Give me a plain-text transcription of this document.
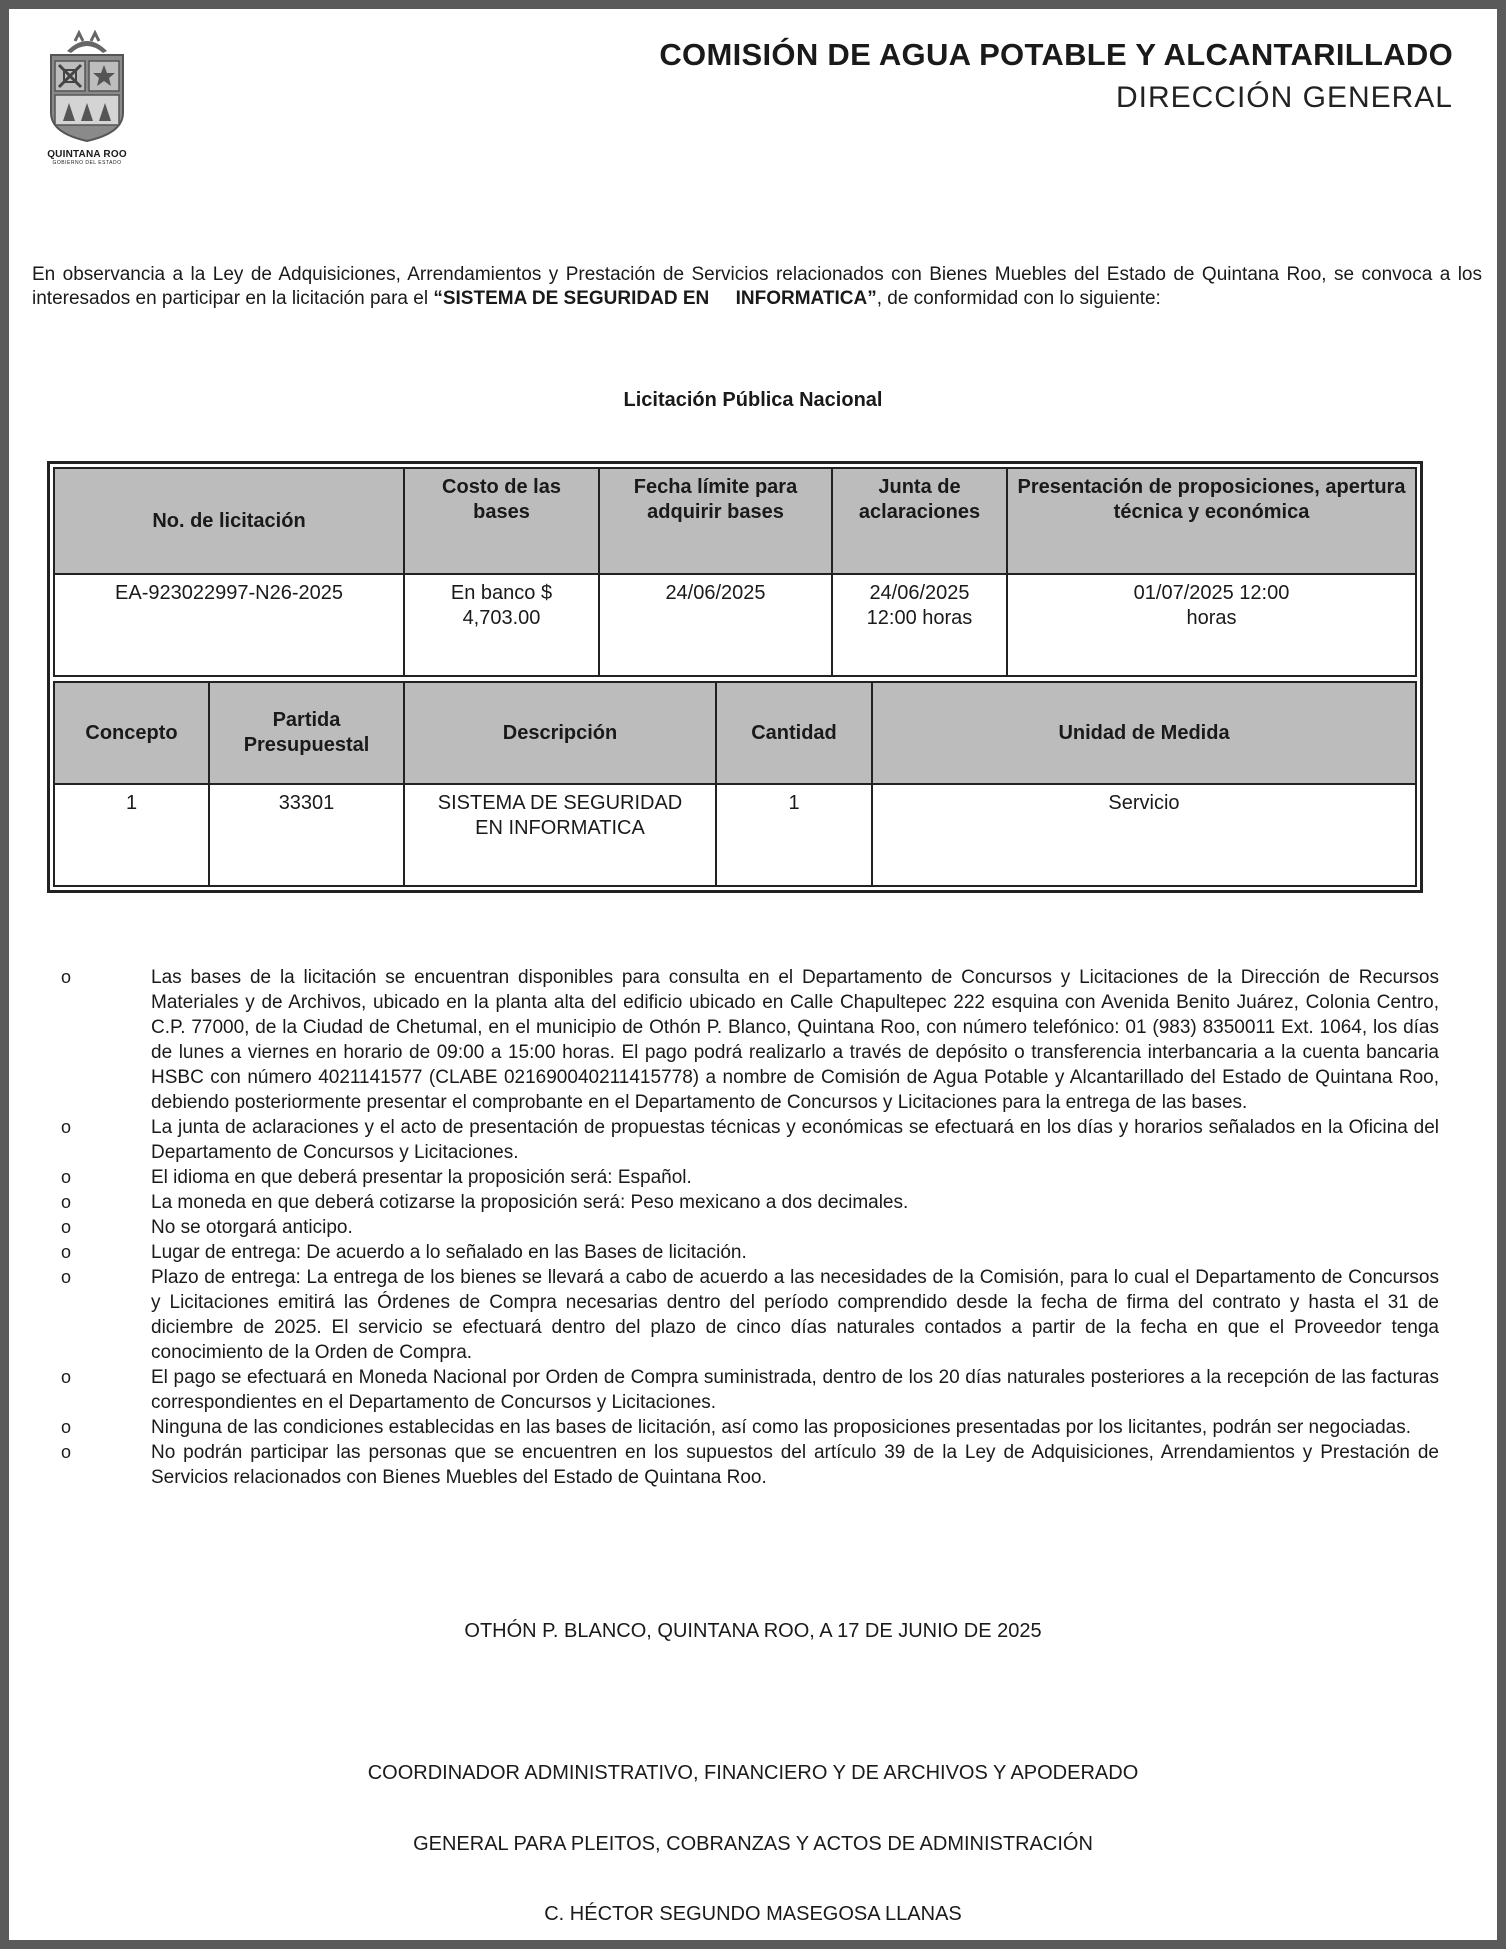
QUINTANA ROO
GOBIERNO DEL ESTADO
COMISIÓN DE AGUA POTABLE Y ALCANTARILLADO
DIRECCIÓN GENERAL
En observancia a la Ley de Adquisiciones, Arrendamientos y Prestación de Servicios relacionados con Bienes Muebles del Estado de Quintana Roo, se convoca a los interesados en participar en la licitación para el “SISTEMA DE SEGURIDAD EN     INFORMATICA”, de conformidad con lo siguiente:
Licitación Pública Nacional
No. de licitación	Costo de las bases	Fecha límite para adquirir bases	Junta de aclaraciones	Presentación de proposiciones, apertura técnica y económica
EA-923022997-N26-2025	En banco $ 4,703.00	24/06/2025	24/06/2025 12:00 horas	01/07/2025 12:00 horas
Concepto	Partida Presupuestal	Descripción	Cantidad	Unidad de Medida
1	33301	SISTEMA DE SEGURIDAD EN INFORMATICA	1	Servicio
o	Las bases de la licitación se encuentran disponibles para consulta en el Departamento de Concursos y Licitaciones de la Dirección de Recursos Materiales y de Archivos, ubicado en la planta alta del edificio ubicado en Calle Chapultepec 222 esquina con Avenida Benito Juárez, Colonia Centro, C.P. 77000, de la Ciudad de Chetumal, en el municipio de Othón P. Blanco, Quintana Roo, con número telefónico: 01 (983) 8350011 Ext. 1064, los días de lunes a viernes en horario de 09:00 a 15:00 horas. El pago podrá realizarlo a través de depósito o transferencia interbancaria a la cuenta bancaria HSBC con número 4021141577 (CLABE 021690040211415778) a nombre de Comisión de Agua Potable y Alcantarillado del Estado de Quintana Roo, debiendo posteriormente presentar el comprobante en el Departamento de Concursos y Licitaciones para la entrega de las bases.
o	La junta de aclaraciones y el acto de presentación de propuestas técnicas y económicas se efectuará en los días y horarios señalados en la Oficina del Departamento de Concursos y Licitaciones.
o	El idioma en que deberá presentar la proposición será: Español.
o	La moneda en que deberá cotizarse la proposición será: Peso mexicano a dos decimales.
o	No se otorgará anticipo.
o	Lugar de entrega: De acuerdo a lo señalado en las Bases de licitación.
o	Plazo de entrega: La entrega de los bienes se llevará a cabo de acuerdo a las necesidades de la Comisión, para lo cual el Departamento de Concursos y Licitaciones emitirá las Órdenes de Compra necesarias dentro del período comprendido desde la fecha de firma del contrato y hasta el 31 de diciembre de 2025. El servicio se efectuará dentro del plazo de cinco días naturales contados a partir de la fecha en que el Proveedor tenga conocimiento de la Orden de Compra.
o	El pago se efectuará en Moneda Nacional por Orden de Compra suministrada, dentro de los 20 días naturales posteriores a la recepción de las facturas correspondientes en el Departamento de Concursos y Licitaciones.
o	Ninguna de las condiciones establecidas en las bases de licitación, así como las proposiciones presentadas por los licitantes, podrán ser negociadas.
o	No podrán participar las personas que se encuentren en los supuestos del artículo 39 de la Ley de Adquisiciones, Arrendamientos y Prestación de Servicios relacionados con Bienes Muebles del Estado de Quintana Roo.
OTHÓN P. BLANCO, QUINTANA ROO, A 17 DE JUNIO DE 2025
COORDINADOR ADMINISTRATIVO, FINANCIERO Y DE ARCHIVOS Y APODERADO
GENERAL PARA PLEITOS, COBRANZAS Y ACTOS DE ADMINISTRACIÓN
C. HÉCTOR SEGUNDO MASEGOSA LLANAS
